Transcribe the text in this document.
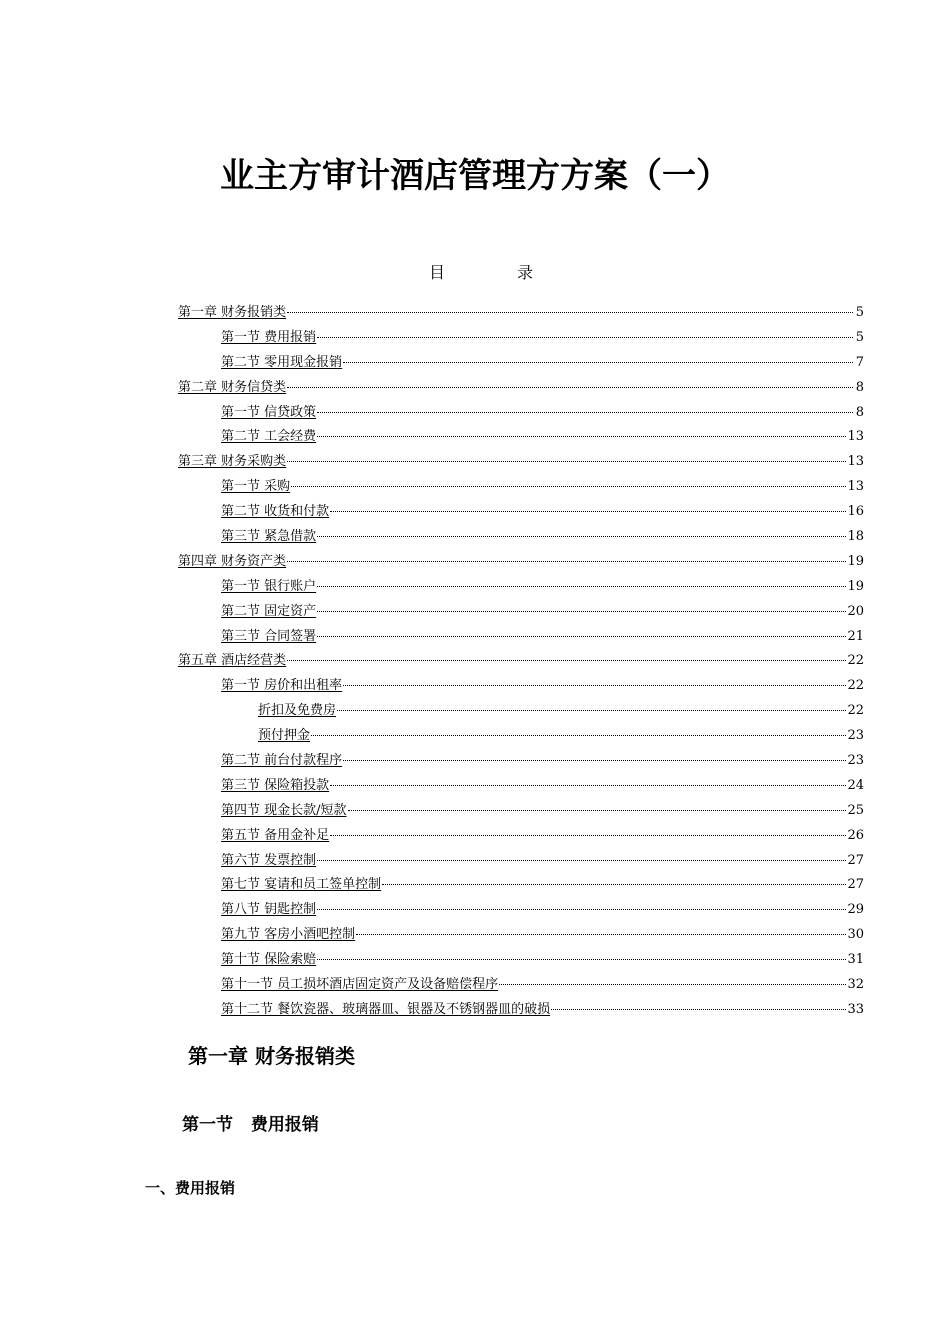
业主方审计酒店管理方方案（一）
目　录
第一章 财务报销类	5
第一节 费用报销	5
第二节 零用现金报销	7
第二章 财务信贷类	8
第一节 信贷政策	8
第二节 工会经费	13
第三章 财务采购类	13
第一节 采购	13
第二节 收货和付款	16
第三节 紧急借款	18
第四章 财务资产类	19
第一节 银行账户	19
第二节 固定资产	20
第三节 合同签署	21
第五章 酒店经营类	22
第一节 房价和出租率	22
折扣及免费房	22
预付押金	23
第二节 前台付款程序	23
第三节 保险箱投款	24
第四节 现金长款/短款	25
第五节 备用金补足	26
第六节 发票控制	27
第七节 宴请和员工签单控制	27
第八节 钥匙控制	29
第九节 客房小酒吧控制	30
第十节 保险索赔	31
第十一节 员工损坏酒店固定资产及设备赔偿程序	32
第十二节 餐饮瓷器、玻璃器皿、银器及不锈钢器皿的破损	33
第一章 财务报销类
第一节 费用报销
一、费用报销
